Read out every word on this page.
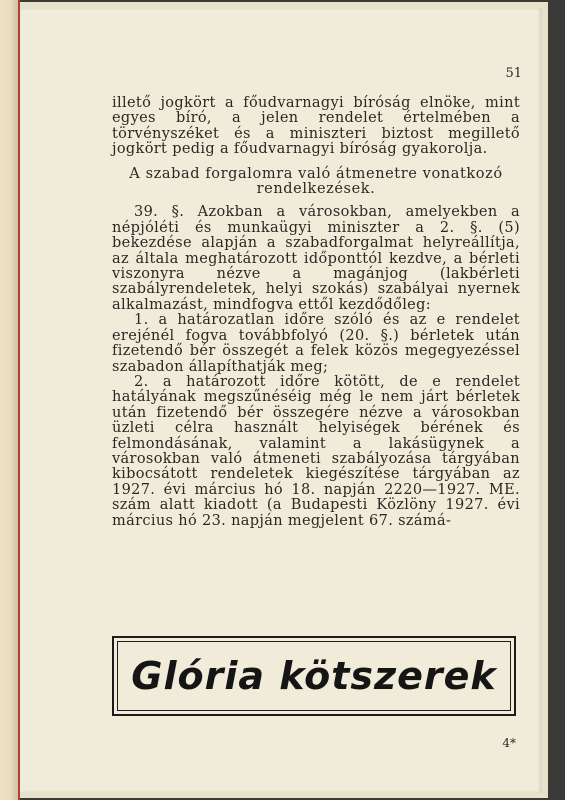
51

illető jogkört a főudvarnagyi bíróság elnöke, mint egyes bíró, a jelen rendelet értelmében a törvényszéket és a miniszteri biztost megillető jogkört pedig a főudvarnagyi bíróság gyakorolja.

A szabad forgalomra való átmenetre vonatkozó rendelkezések.

39. §. Azokban a városokban, amelyekben a népjóléti és munkaügyi miniszter a 2. §. (5) bekezdése alapján a szabadforgalmat helyreállítja, az általa meghatározott időponttól kezdve, a bérleti viszonyra nézve a magánjog (lakbérleti szabályrendeletek, helyi szokás) szabályai nyernek alkalmazást, mindfogva ettől kezdődőleg:

1. a határozatlan időre szóló és az e rendelet erejénél fogva továbbfolyó (20. §.) bérletek után fizetendő bér összegét a felek közös megegyezéssel szabadon állapíthatják meg;

2. a határozott időre kötött, de e rendelet hatályának megszűnéséig még le nem járt bérletek után fizetendő bér összegére nézve a városokban üzleti célra használt helyiségek bérének és felmondásának, valamint a lakásügynek a városokban való átmeneti szabályozása tárgyában kibocsátott rendeletek kiegészítése tárgyában az 1927. évi március hó 18. napján 2220—1927. ME. szám alatt kiadott (a Budapesti Közlöny 1927. évi március hó 23. napján megjelent 67. számá-

Glória kötszerek
4*
